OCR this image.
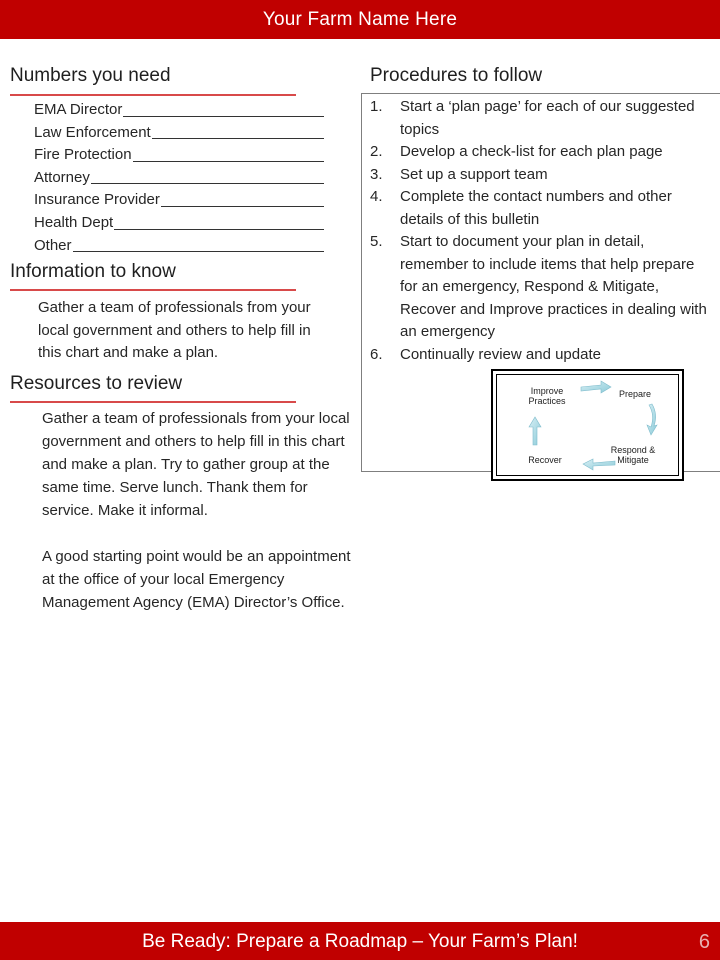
Your Farm Name Here
Numbers you need
EMA Director
Law Enforcement
Fire Protection
Attorney
Insurance Provider
Health Dept
Other
Information to know
Gather a team of professionals from your local government and others to help fill in this chart and make a plan.
Resources to review

Gather a team of professionals from your local government and others to help fill in this chart and make a plan. Try to gather group at the same time. Serve lunch. Thank them for service. Make it informal.

A good starting point would be an appointment at the office of your local Emergency Management Agency (EMA) Director’s Office.

Procedures to follow
1.	Start a ‘plan page’ for each of our suggested topics
2.	Develop a check-list for each plan page
3.	Set up a support team
4.	Complete the contact numbers and other details of this bulletin
5.	Start to document your plan in detail, remember to include items that help prepare for an emergency, Respond & Mitigate, Recover and Improve practices in dealing with an emergency
6.	Continually review and update
Improve Practices
Prepare
Respond & Mitigate
Recover
Be Ready: Prepare a Roadmap – Your Farm’s Plan!	6
